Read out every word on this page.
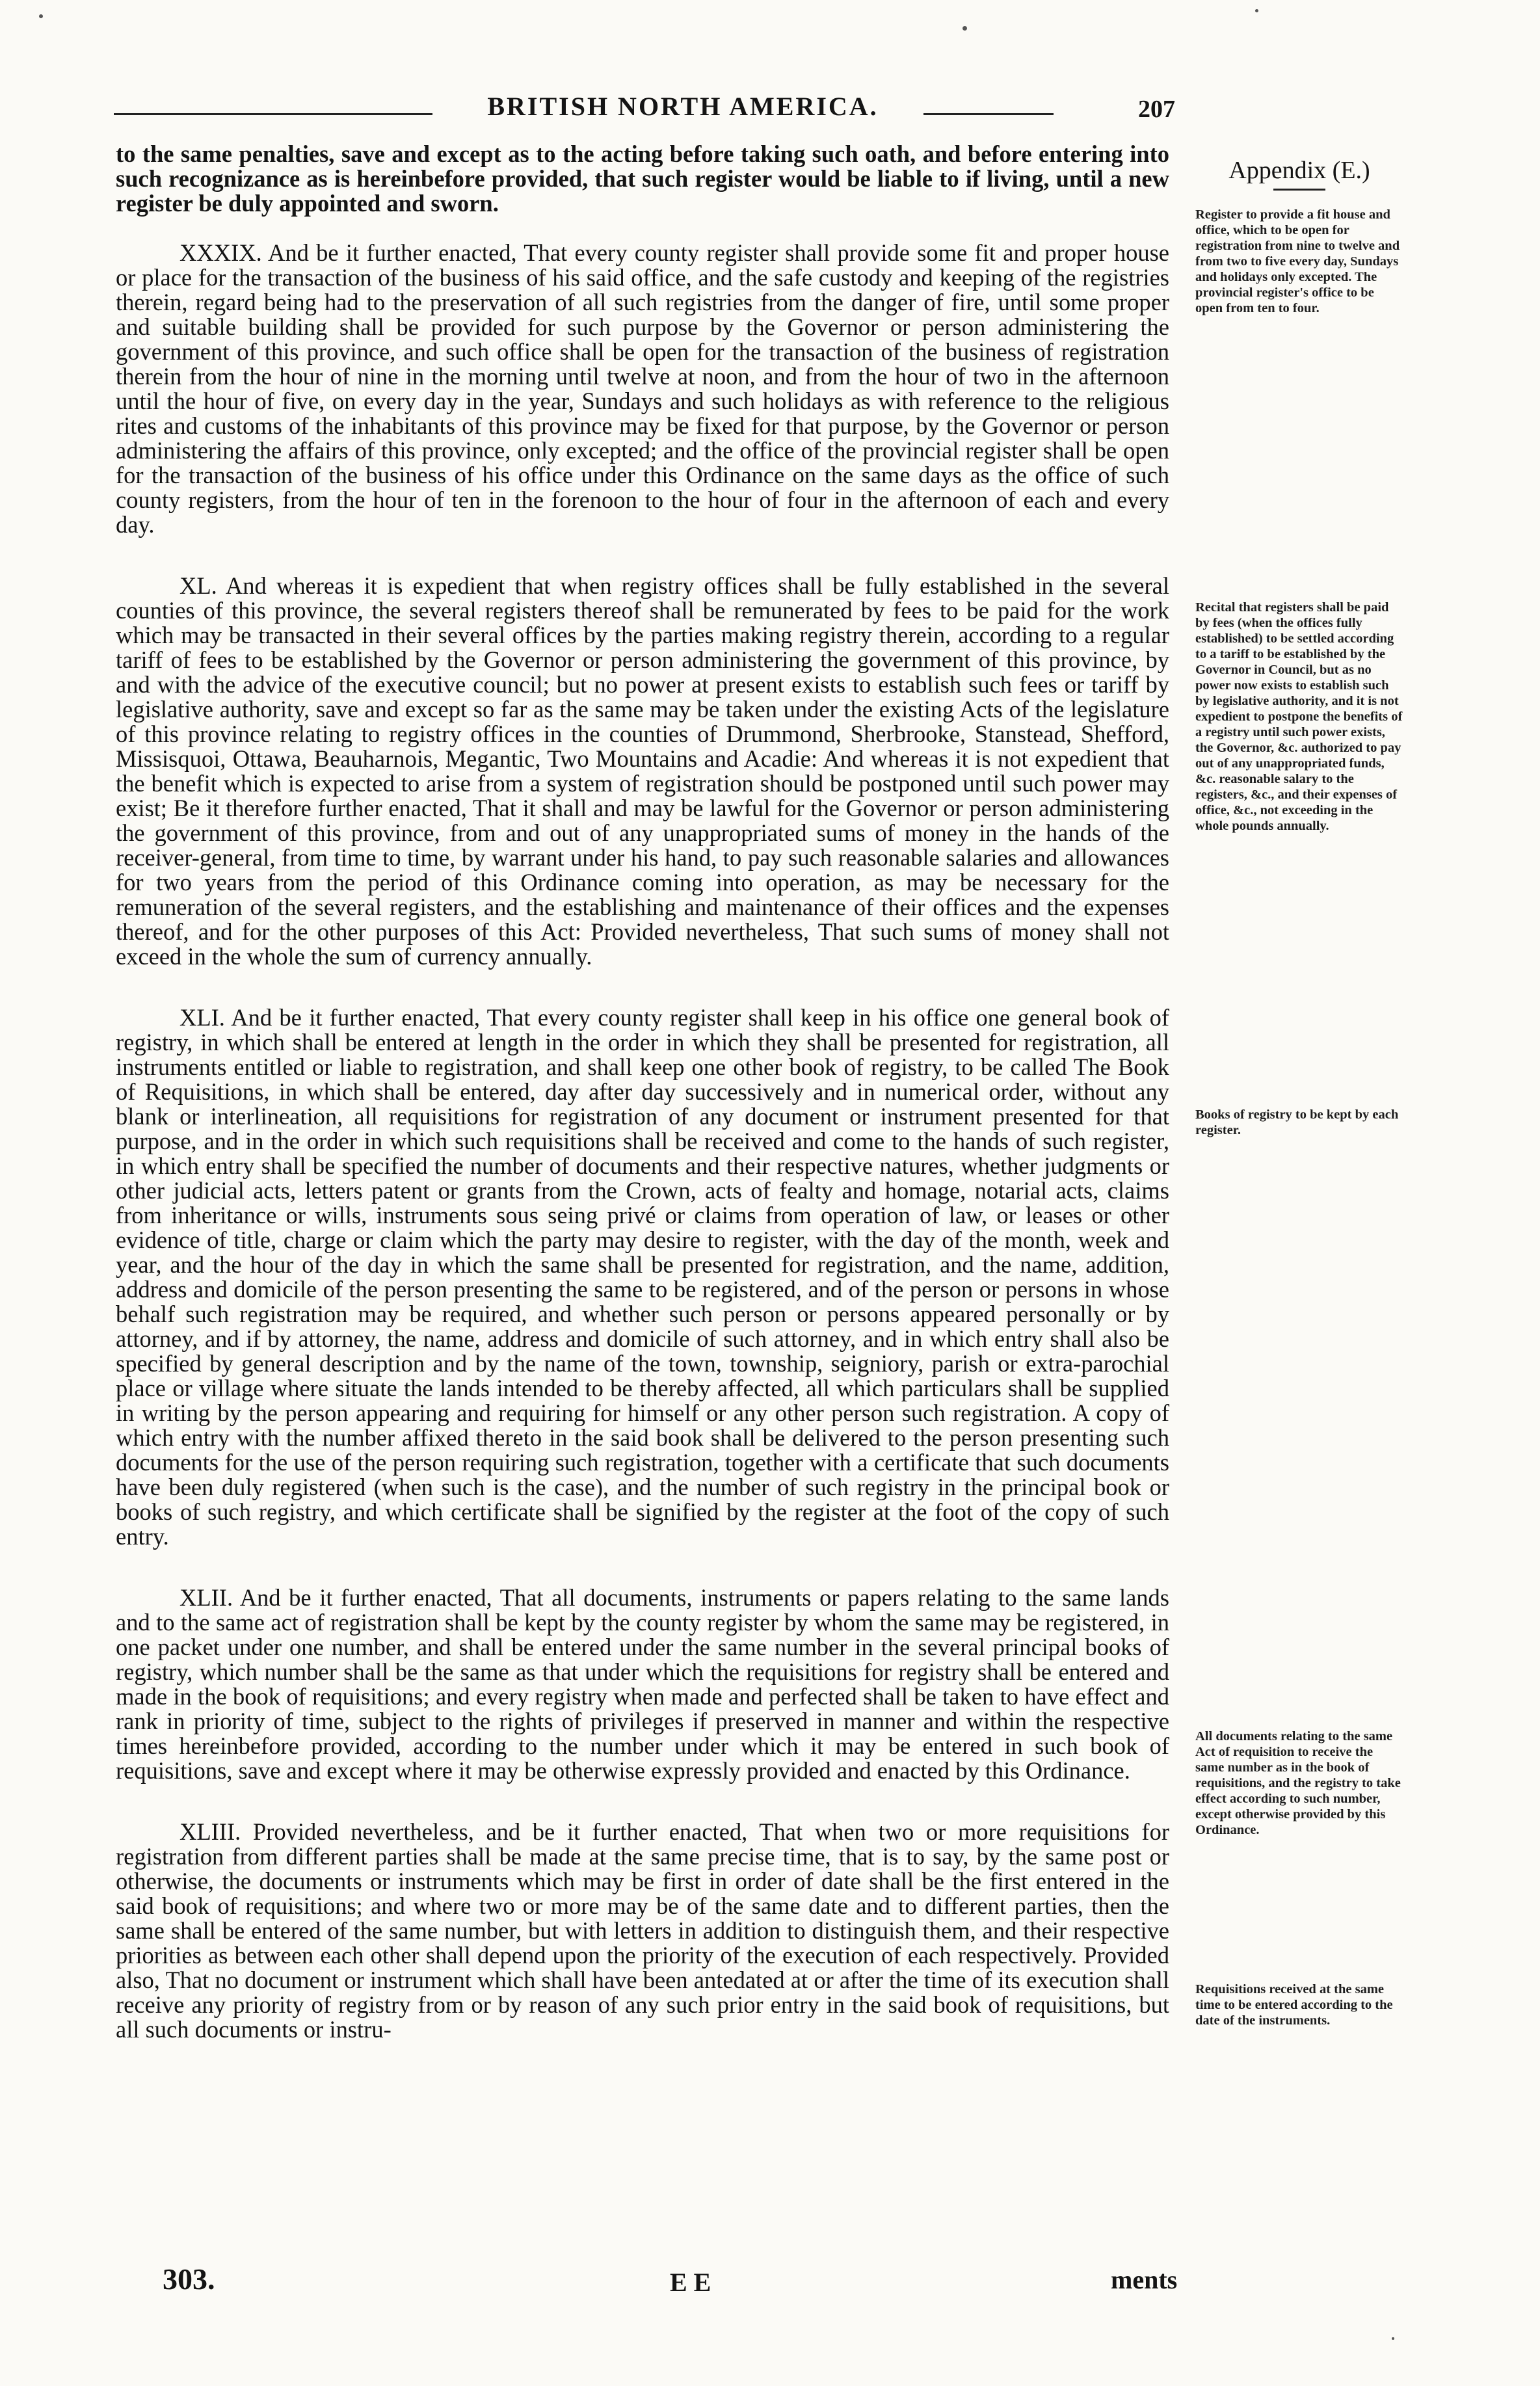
BRITISH NORTH AMERICA.	207
Appendix (E.)

to the same penalties, save and except as to the acting before taking such oath, and before entering into such recognizance as is hereinbefore provided, that such register would be liable to if living, until a new register be duly appointed and sworn.

XXXIX. And be it further enacted, That every county register shall provide some fit and proper house or place for the transaction of the business of his said office, and the safe custody and keeping of the registries therein, regard being had to the preservation of all such registries from the danger of fire, until some proper and suitable building shall be provided for such purpose by the Governor or person administering the government of this province, and such office shall be open for the transaction of the business of registration therein from the hour of nine in the morning until twelve at noon, and from the hour of two in the afternoon until the hour of five, on every day in the year, Sundays and such holidays as with reference to the religious rites and customs of the inhabitants of this province may be fixed for that purpose, by the Governor or person administering the affairs of this province, only excepted; and the office of the provincial register shall be open for the transaction of the business of his office under this Ordinance on the same days as the office of such county registers, from the hour of ten in the forenoon to the hour of four in the afternoon of each and every day.

XL. And whereas it is expedient that when registry offices shall be fully established in the several counties of this province, the several registers thereof shall be remunerated by fees to be paid for the work which may be transacted in their several offices by the parties making registry therein, according to a regular tariff of fees to be established by the Governor or person administering the government of this province, by and with the advice of the executive council; but no power at present exists to establish such fees or tariff by legislative authority, save and except so far as the same may be taken under the existing Acts of the legislature of this province relating to registry offices in the counties of Drummond, Sherbrooke, Stanstead, Shefford, Missisquoi, Ottawa, Beauharnois, Megantic, Two Mountains and Acadie: And whereas it is not expedient that the benefit which is expected to arise from a system of registration should be postponed until such power may exist; Be it therefore further enacted, That it shall and may be lawful for the Governor or person administering the government of this province, from and out of any unappropriated sums of money in the hands of the receiver-general, from time to time, by warrant under his hand, to pay such reasonable salaries and allowances for two years from the period of this Ordinance coming into operation, as may be necessary for the remuneration of the several registers, and the establishing and maintenance of their offices and the expenses thereof, and for the other purposes of this Act: Provided nevertheless, That such sums of money shall not exceed in the whole the sum of currency annually.

XLI. And be it further enacted, That every county register shall keep in his office one general book of registry, in which shall be entered at length in the order in which they shall be presented for registration, all instruments entitled or liable to registration, and shall keep one other book of registry, to be called The Book of Requisitions, in which shall be entered, day after day successively and in numerical order, without any blank or interlineation, all requisitions for registration of any document or instrument presented for that purpose, and in the order in which such requisitions shall be received and come to the hands of such register, in which entry shall be specified the number of documents and their respective natures, whether judgments or other judicial acts, letters patent or grants from the Crown, acts of fealty and homage, notarial acts, claims from inheritance or wills, instruments sous seing privé or claims from operation of law, or leases or other evidence of title, charge or claim which the party may desire to register, with the day of the month, week and year, and the hour of the day in which the same shall be presented for registration, and the name, addition, address and domicile of the person presenting the same to be registered, and of the person or persons in whose behalf such registration may be required, and whether such person or persons appeared personally or by attorney, and if by attorney, the name, address and domicile of such attorney, and in which entry shall also be specified by general description and by the name of the town, township, seigniory, parish or extra-parochial place or village where situate the lands intended to be thereby affected, all which particulars shall be supplied in writing by the person appearing and requiring for himself or any other person such registration. A copy of which entry with the number affixed thereto in the said book shall be delivered to the person presenting such documents for the use of the person requiring such registration, together with a certificate that such documents have been duly registered (when such is the case), and the number of such registry in the principal book or books of such registry, and which certificate shall be signified by the register at the foot of the copy of such entry.

XLII. And be it further enacted, That all documents, instruments or papers relating to the same lands and to the same act of registration shall be kept by the county register by whom the same may be registered, in one packet under one number, and shall be entered under the same number in the several principal books of registry, which number shall be the same as that under which the requisitions for registry shall be entered and made in the book of requisitions; and every registry when made and perfected shall be taken to have effect and rank in priority of time, subject to the rights of privileges if preserved in manner and within the respective times hereinbefore provided, according to the number under which it may be entered in such book of requisitions, save and except where it may be otherwise expressly provided and enacted by this Ordinance.

XLIII. Provided nevertheless, and be it further enacted, That when two or more requisitions for registration from different parties shall be made at the same precise time, that is to say, by the same post or otherwise, the documents or instruments which may be first in order of date shall be the first entered in the said book of requisitions; and where two or more may be of the same date and to different parties, then the same shall be entered of the same number, but with letters in addition to distinguish them, and their respective priorities as between each other shall depend upon the priority of the execution of each respectively. Provided also, That no document or instrument which shall have been antedated at or after the time of its execution shall receive any priority of registry from or by reason of any such prior entry in the said book of requisitions, but all such documents or instru-

Register to provide a fit house and office, which to be open for registration from nine to twelve and from two to five every day, Sundays and holidays only excepted. The provincial register's office to be open from ten to four.
Recital that registers shall be paid by fees (when the offices fully established) to be settled according to a tariff to be established by the Governor in Council, but as no power now exists to establish such by legislative authority, and it is not expedient to postpone the benefits of a registry until such power exists, the Governor, &c. authorized to pay out of any unappropriated funds, &c. reasonable salary to the registers, &c., and their expenses of office, &c., not exceeding in the whole pounds annually.
Books of registry to be kept by each register.
All documents relating to the same Act of requisition to receive the same number as in the book of requisitions, and the registry to take effect according to such number, except otherwise provided by this Ordinance.
Requisitions received at the same time to be entered according to the date of the instruments.
303.	E E	ments
